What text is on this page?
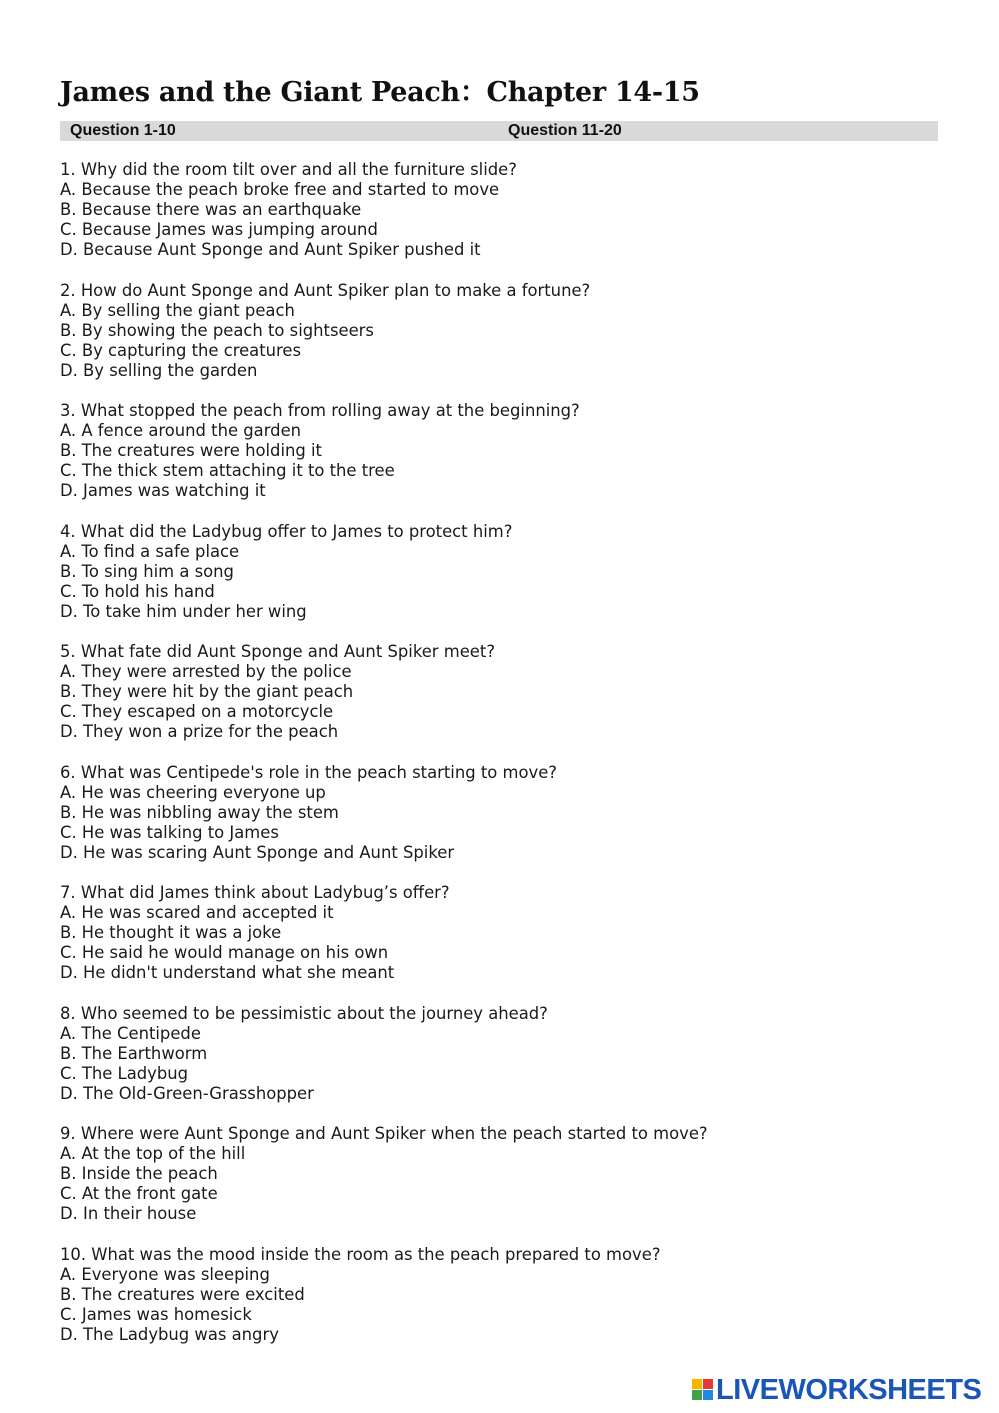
James and the Giant Peach：Chapter 14-15
Question 1-10	Question 11-20
1. Why did the room tilt over and all the furniture slide?
A. Because the peach broke free and started to move
B. Because there was an earthquake
C. Because James was jumping around
D. Because Aunt Sponge and Aunt Spiker pushed it
2. How do Aunt Sponge and Aunt Spiker plan to make a fortune?
A. By selling the giant peach
B. By showing the peach to sightseers
C. By capturing the creatures
D. By selling the garden
3. What stopped the peach from rolling away at the beginning?
A. A fence around the garden
B. The creatures were holding it
C. The thick stem attaching it to the tree
D. James was watching it
4. What did the Ladybug offer to James to protect him?
A. To find a safe place
B. To sing him a song
C. To hold his hand
D. To take him under her wing
5. What fate did Aunt Sponge and Aunt Spiker meet?
A. They were arrested by the police
B. They were hit by the giant peach
C. They escaped on a motorcycle
D. They won a prize for the peach
6. What was Centipede's role in the peach starting to move?
A. He was cheering everyone up
B. He was nibbling away the stem
C. He was talking to James
D. He was scaring Aunt Sponge and Aunt Spiker
7. What did James think about Ladybug’s offer?
A. He was scared and accepted it
B. He thought it was a joke
C. He said he would manage on his own
D. He didn't understand what she meant
8. Who seemed to be pessimistic about the journey ahead?
A. The Centipede
B. The Earthworm
C. The Ladybug
D. The Old-Green-Grasshopper
9. Where were Aunt Sponge and Aunt Spiker when the peach started to move?
A. At the top of the hill
B. Inside the peach
C. At the front gate
D. In their house
10. What was the mood inside the room as the peach prepared to move?
A. Everyone was sleeping
B. The creatures were excited
C. James was homesick
D. The Ladybug was angry
LIVEWORKSHEETS
